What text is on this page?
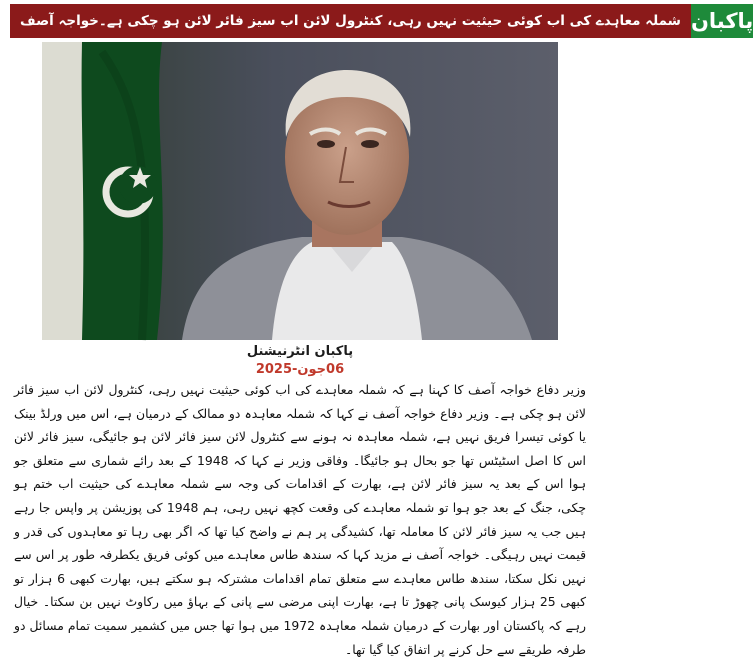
شملہ معاہدے کی اب کوئی حیثیت نہیں رہی، کنٹرول لائن اب سیز فائر لائن ہو چکی ہے۔خواجہ آصف پاکبان
پاکبان انٹرنیشنل
06جون-2025
وزیر دفاع خواجہ آصف کا کہنا ہے کہ شملہ معاہدے کی اب کوئی حیثیت نہیں رہی، کنٹرول لائن اب سیز فائر لائن ہو چکی ہے۔ وزیر دفاع خواجہ آصف نے کہا کہ شملہ معاہدہ دو ممالک کے درمیان ہے، اس میں ورلڈ بینک یا کوئی تیسرا فریق نہیں ہے، شملہ معاہدہ نہ ہونے سے کنٹرول لائن سیز فائر لائن ہو جائیگی، سیز فائر لائن اس کا اصل اسٹیٹس تھا جو بحال ہو جائیگا۔ وفاقی وزیر نے کہا کہ 1948 کے بعد رائے شماری سے متعلق جو ہوا اس کے بعد یہ سیز فائر لائن ہے، بھارت کے اقدامات کی وجہ سے شملہ معاہدے کی حیثیت اب ختم ہو چکی، جنگ کے بعد جو ہوا تو شملہ معاہدے کی وقعت کچھ نہیں رہی، ہم 1948 کی پوزیشن پر واپس جا رہے ہیں جب یہ سیز فائر لائن کا معاملہ تھا، کشیدگی پر ہم نے واضح کیا تھا کہ اگر بھی رہا تو معاہدوں کی قدر و قیمت نہیں رہیگی۔ خواجہ آصف نے مزید کہا کہ سندھ طاس معاہدے میں کوئی فریق یکطرفہ طور پر اس سے نہیں نکل سکتا، سندھ طاس معاہدے سے متعلق تمام اقدامات مشترکہ ہو سکتے ہیں، بھارت کبھی 6 ہزار تو کبھی 25 ہزار کیوسک پانی چھوڑ تا ہے، بھارت اپنی مرضی سے پانی کے بہاؤ میں رکاوٹ نہیں بن سکتا۔ خیال رہے کہ پاکستان اور بھارت کے درمیان شملہ معاہدہ 1972 میں ہوا تھا جس میں کشمیر سمیت تمام مسائل دو طرفہ طریقے سے حل کرنے پر اتفاق کیا گیا تھا۔
